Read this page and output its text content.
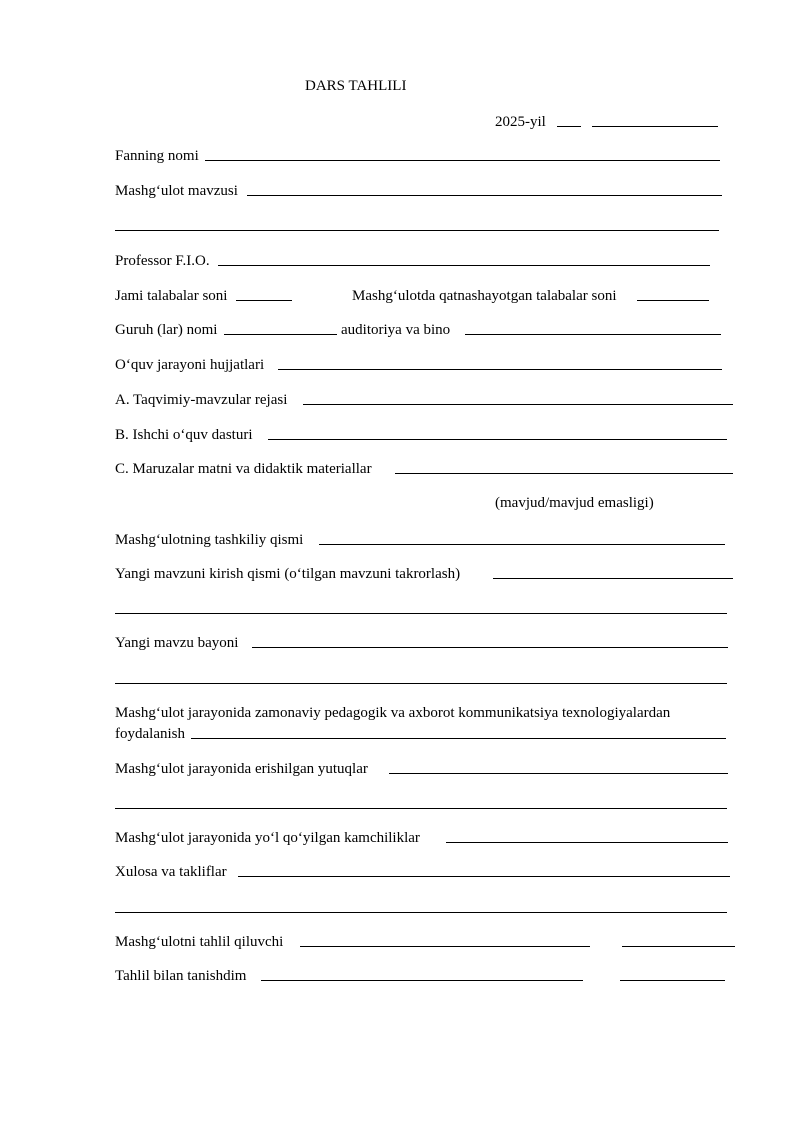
DARS TAHLILI
2025-yil
Fanning nomi
Mashg‘ulot mavzusi
Professor F.I.O.
Jami talabalar soni	Mashg‘ulotda qatnashayotgan talabalar soni
Guruh (lar) nomi	auditoriya va bino
O‘quv jarayoni hujjatlari
A. Taqvimiy-mavzular rejasi
B. Ishchi o‘quv dasturi
C. Maruzalar matni va didaktik materiallar
(mavjud/mavjud emasligi)
Mashg‘ulotning tashkiliy qismi
Yangi mavzuni kirish qismi (o‘tilgan mavzuni takrorlash)
Yangi mavzu bayoni
Mashg‘ulot jarayonida zamonaviy pedagogik va axborot kommunikatsiya texnologiyalardan
foydalanish
Mashg‘ulot jarayonida erishilgan yutuqlar
Mashg‘ulot jarayonida yo‘l qo‘yilgan kamchiliklar
Xulosa va takliflar
Mashg‘ulotni tahlil qiluvchi
Tahlil bilan tanishdim
